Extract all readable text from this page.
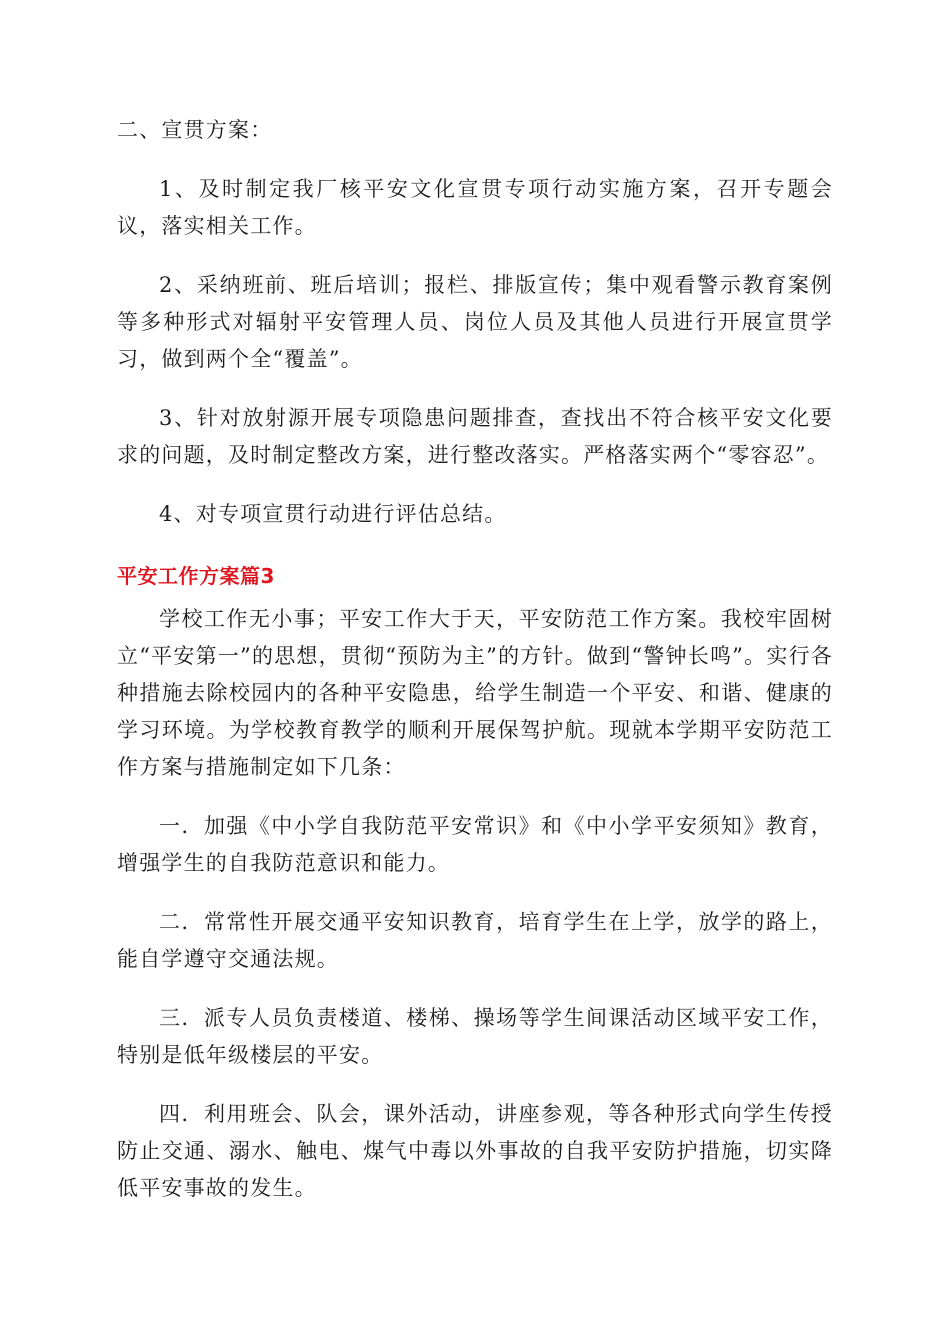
二、宣贯方案：

1、及时制定我厂核平安文化宣贯专项行动实施方案，召开专题会议，落实相关工作。

2、采纳班前、班后培训；报栏、排版宣传；集中观看警示教育案例等多种形式对辐射平安管理人员、岗位人员及其他人员进行开展宣贯学习，做到两个全“覆盖”。

3、针对放射源开展专项隐患问题排查，查找出不符合核平安文化要求的问题，及时制定整改方案，进行整改落实。严格落实两个“零容忍”。

4、对专项宣贯行动进行评估总结。

平安工作方案篇3

学校工作无小事；平安工作大于天，平安防范工作方案。我校牢固树立“平安第一”的思想，贯彻“预防为主”的方针。做到“警钟长鸣”。实行各种措施去除校园内的各种平安隐患，给学生制造一个平安、和谐、健康的学习环境。为学校教育教学的顺利开展保驾护航。现就本学期平安防范工作方案与措施制定如下几条：

一．加强《中小学自我防范平安常识》和《中小学平安须知》教育，增强学生的自我防范意识和能力。

二．常常性开展交通平安知识教育，培育学生在上学，放学的路上，能自学遵守交通法规。

三．派专人员负责楼道、楼梯、操场等学生间课活动区域平安工作，特别是低年级楼层的平安。

四．利用班会、队会，课外活动，讲座参观，等各种形式向学生传授防止交通、溺水、触电、煤气中毒以外事故的自我平安防护措施，切实降低平安事故的发生。
